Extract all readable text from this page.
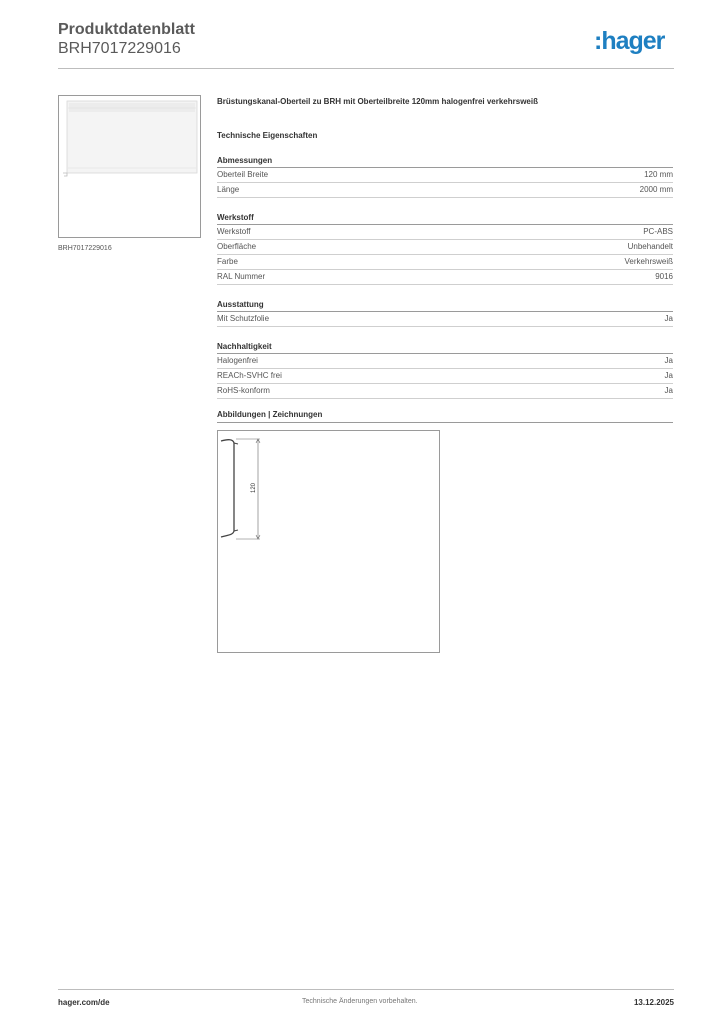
Produktdatenblatt
BRH7017229016	:hager
BRH7017229016

Brüstungskanal-Oberteil zu BRH mit Oberteilbreite 120mm halogenfrei verkehrsweiß

Technische Eigenschaften
Abmessungen
Oberteil Breite	120 mm
Länge	2000 mm
Werkstoff
Werkstoff	PC-ABS
Oberfläche	Unbehandelt
Farbe	Verkehrsweiß
RAL Nummer	9016
Ausstattung
Mit Schutzfolie	Ja
Nachhaltigkeit
Halogenfrei	Ja
REACh-SVHC frei	Ja
RoHS-konform	Ja
Abbildungen | Zeichnungen
120
hager.com/de	Technische Änderungen vorbehalten.	13.12.2025
